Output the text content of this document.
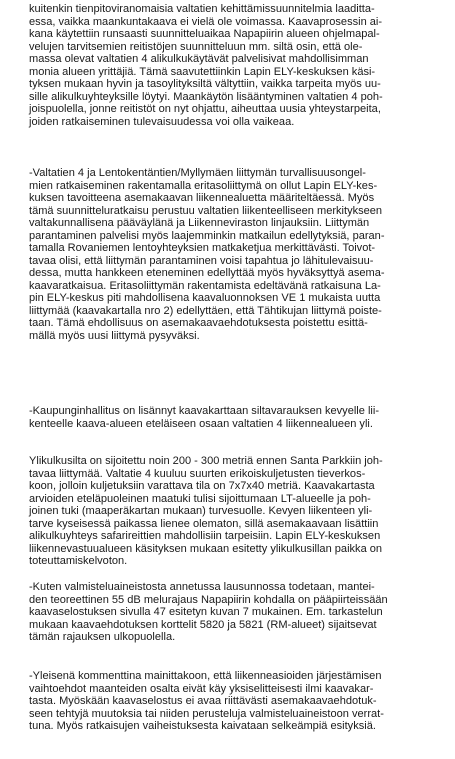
kuitenkin tienpitoviranomaisia valtatien kehittämissuunnitelmia laaditta-
essa, vaikka maankuntakaava ei vielä ole voimassa. Kaavaprosessin ai-
kana käytettiin runsaasti suunnitteluaikaa Napapiirin alueen ohjelmapal-
velujen tarvitsemien reitistöjen suunnitteluun mm. siltä osin, että ole-
massa olevat valtatien 4 alikulkukäytävät palvelisivat mahdollisimman
monia alueen yrittäjiä. Tämä saavutettiinkin Lapin ELY-keskuksen käsi-
tyksen mukaan hyvin ja tasoylityksiltä vältyttiin, vaikka tarpeita myös uu-
sille alikulkuyhteyksille löytyi. Maankäytön lisääntyminen valtatien 4 poh-
joispuolella, jonne reitistöt on nyt ohjattu, aiheuttaa uusia yhteystarpeita,
joiden ratkaiseminen tulevaisuudessa voi olla vaikeaa.
-Valtatien 4 ja Lentokentäntien/Myllymäen liittymän turvallisuusongel-
mien ratkaiseminen rakentamalla eritasoliittymä on ollut Lapin ELY-kes-
kuksen tavoitteena asemakaavan liikennealuetta määriteltäessä. Myös
tämä suunnitteluratkaisu perustuu valtatien liikenteelliseen merkitykseen
valtakunnallisena pääväylänä ja Liikenneviraston linjauksiin. Liittymän
parantaminen palvelisi myös laajemminkin matkailun edellytyksiä, paran-
tamalla Rovaniemen lentoyhteyksien matkaketjua merkittävästi. Toivot-
tavaa olisi, että liittymän parantaminen voisi tapahtua jo lähitulevaisuu-
dessa, mutta hankkeen eteneminen edellyttää myös hyväksyttyä asema-
kaavaratkaisua. Eritasoliittymän rakentamista edeltävänä ratkaisuna La-
pin ELY-keskus piti mahdollisena kaavaluonnoksen VE 1 mukaista uutta
liittymää (kaavakartalla nro 2) edellyttäen, että Tähtikujan liittymä poiste-
taan. Tämä ehdollisuus on asemakaavaehdotuksesta poistettu esittä-
mällä myös uusi liittymä pysyväksi.
-Kaupunginhallitus on lisännyt kaavakarttaan siltavarauksen kevyelle lii-
kenteelle kaava-alueen eteläiseen osaan valtatien 4 liikennealueen yli.
Ylikulkusilta on sijoitettu noin 200 - 300 metriä ennen Santa Parkkiin joh-
tavaa liittymää. Valtatie 4 kuuluu suurten erikoiskuljetusten tieverkos-
koon, jolloin kuljetuksiin varattava tila on 7x7x40 metriä. Kaavakartasta
arvioiden eteläpuoleinen maatuki tulisi sijoittumaan LT-alueelle ja poh-
joinen tuki (maaperäkartan mukaan) turvesuolle. Kevyen liikenteen yli-
tarve kyseisessä paikassa lienee olematon, sillä asemakaavaan lisättiin
alikulkuyhteys safarireittien mahdollisiin tarpeisiin. Lapin ELY-keskuksen
liikennevastuualueen käsityksen mukaan esitetty ylikulkusillan paikka on
toteuttamiskelvoton.
-Kuten valmisteluaineistosta annetussa lausunnossa todetaan, mantei-
den teoreettinen 55 dB melurajaus Napapiirin kohdalla on pääpiirteissään
kaavaselostuksen sivulla 47 esitetyn kuvan 7 mukainen. Em. tarkastelun
mukaan kaavaehdotuksen korttelit 5820 ja 5821 (RM-alueet) sijaitsevat
tämän rajauksen ulkopuolella.
-Yleisenä kommenttina mainittakoon, että liikenneasioiden järjestämisen
vaihtoehdot maanteiden osalta eivät käy yksiselitteisesti ilmi kaavakar-
tasta. Myöskään kaavaselostus ei avaa riittävästi asemakaavaehdotuk-
seen tehtyjä muutoksia tai niiden perusteluja valmisteluaineistoon verrat-
tuna. Myös ratkaisujen vaiheistuksesta kaivataan selkeämpiä esityksiä.
